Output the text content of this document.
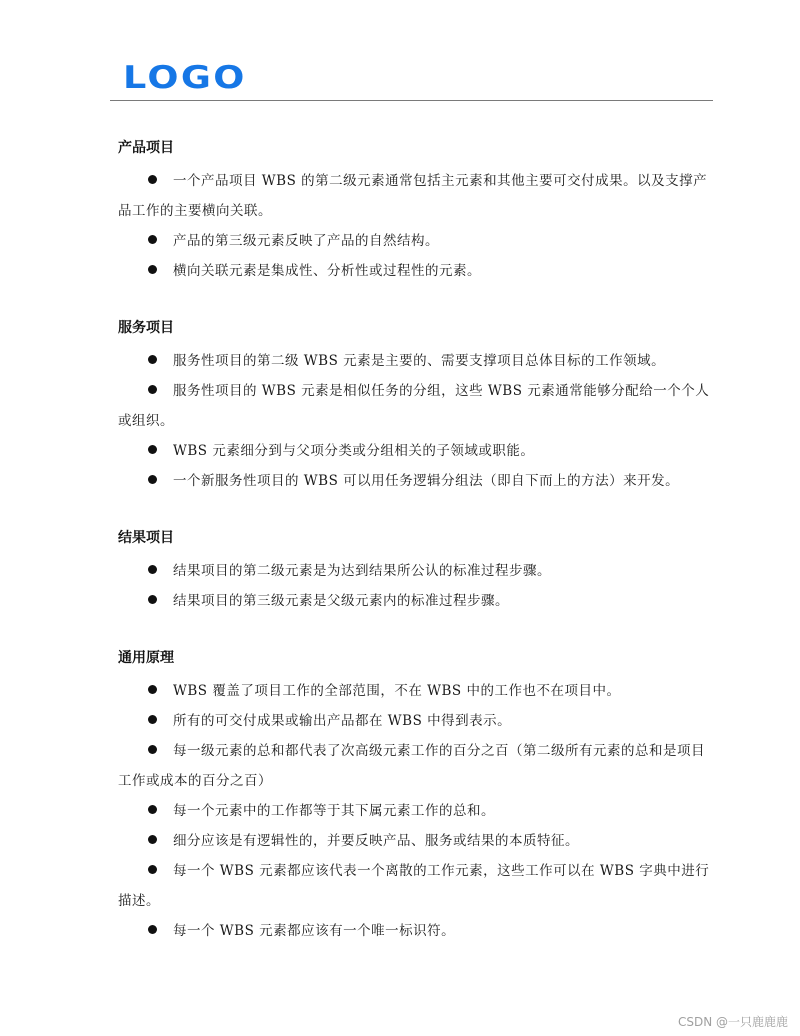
LOGO
产品项目

一个产品项目 WBS 的第二级元素通常包括主元素和其他主要可交付成果。以及支撑产品工作的主要横向关联。

产品的第三级元素反映了产品的自然结构。

横向关联元素是集成性、分析性或过程性的元素。

服务项目

服务性项目的第二级 WBS 元素是主要的、需要支撑项目总体目标的工作领域。

服务性项目的 WBS 元素是相似任务的分组，这些 WBS 元素通常能够分配给一个个人或组织。

WBS 元素细分到与父项分类或分组相关的子领域或职能。

一个新服务性项目的 WBS 可以用任务逻辑分组法（即自下而上的方法）来开发。

结果项目

结果项目的第二级元素是为达到结果所公认的标准过程步骤。

结果项目的第三级元素是父级元素内的标准过程步骤。

通用原理

WBS 覆盖了项目工作的全部范围，不在 WBS 中的工作也不在项目中。

所有的可交付成果或输出产品都在 WBS 中得到表示。

每一级元素的总和都代表了次高级元素工作的百分之百（第二级所有元素的总和是项目工作或成本的百分之百）

每一个元素中的工作都等于其下属元素工作的总和。

细分应该是有逻辑性的，并要反映产品、服务或结果的本质特征。

每一个 WBS 元素都应该代表一个离散的工作元素，这些工作可以在 WBS 字典中进行描述。

每一个 WBS 元素都应该有一个唯一标识符。

CSDN @一只鹿鹿鹿
